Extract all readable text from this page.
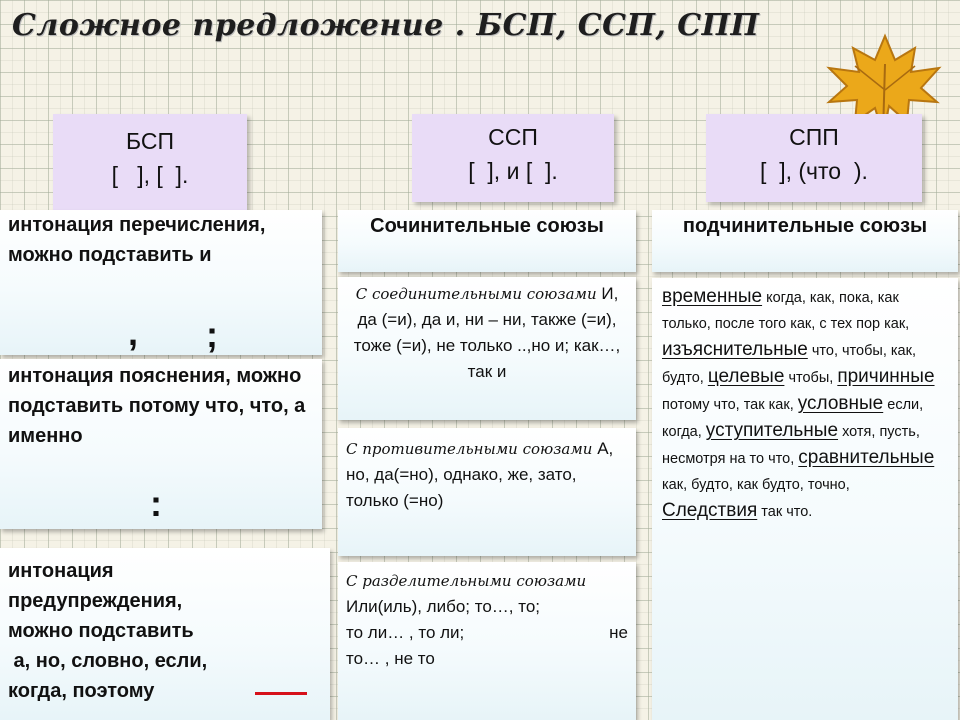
Сложное предложение . БСП, ССП, СПП
БСП
[   ], [  ].
ССП
[  ], и [  ].
СПП
[  ], (что  ).
интонация перечисления, можно подставить и
, ;
интонация пояснения, можно подставить потому что, что, а именно
:
интонация
предупреждения,
можно подставить
а, но, словно, если,
когда, поэтому
Сочинительные союзы
С соединительными союзами И, да (=и), да и, ни – ни, также (=и), тоже (=и), не только ..,но и; как…, так и
С противительными союзами А, но, да(=но), однако, же, зато, только (=но)
С разделительными союзами Или(иль), либо; то…, то;
то ли… , то ли;	не
то… , не то
подчинительные союзы
временные когда, как, пока, как только, после того как, с тех пор как, изъяснительные что, чтобы, как, будто, целевые чтобы, причинные потому что, так как, условные если, когда, уступительные хотя, пусть, несмотря на то что, сравнительные как, будто, как будто, точно, Следствия так что.
